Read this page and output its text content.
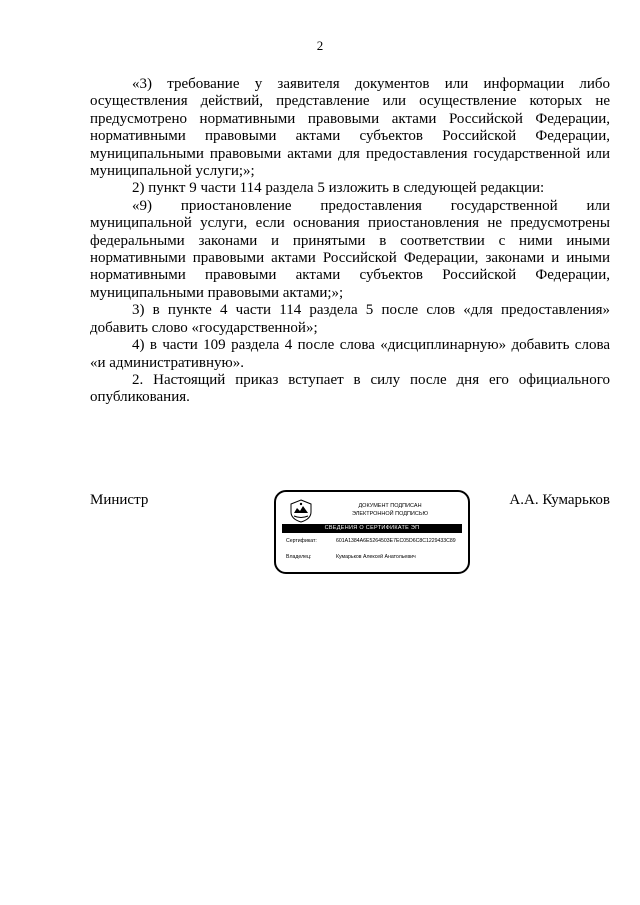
2

«3) требование у заявителя документов или информации либо осуществления действий, представление или осуществление которых не предусмотрено нормативными правовыми актами Российской Федерации, нормативными правовыми актами субъектов Российской Федерации, муниципальными правовыми актами для предоставления государственной или муниципальной услуги;»;

2) пункт 9 части 114 раздела 5 изложить в следующей редакции:

«9) приостановление предоставления государственной или муниципальной услуги, если основания приостановления не предусмотрены федеральными законами и принятыми в соответствии с ними иными нормативными правовыми актами Российской Федерации, законами и иными нормативными правовыми актами субъектов Российской Федерации, муниципальными правовыми актами;»;

3) в пункте 4 части 114 раздела 5 после слов «для предоставления» добавить слово «государственной»;

4) в части 109 раздела 4 после слова «дисциплинарную» добавить слова «и административную».

2. Настоящий приказ вступает в силу после дня его официального опубликования.

Министр	ДОКУМЕНТ ПОДПИСАН
ЭЛЕКТРОННОЙ ПОДПИСЬЮ
СВЕДЕНИЯ О СЕРТИФИКАТЕ ЭП
Сертификат:	601A1384A6E5264503E7EC05D6C8C1229433C89
Владелец:	Кумарьков Алексей Анатольевич
А.А. Кумарьков
